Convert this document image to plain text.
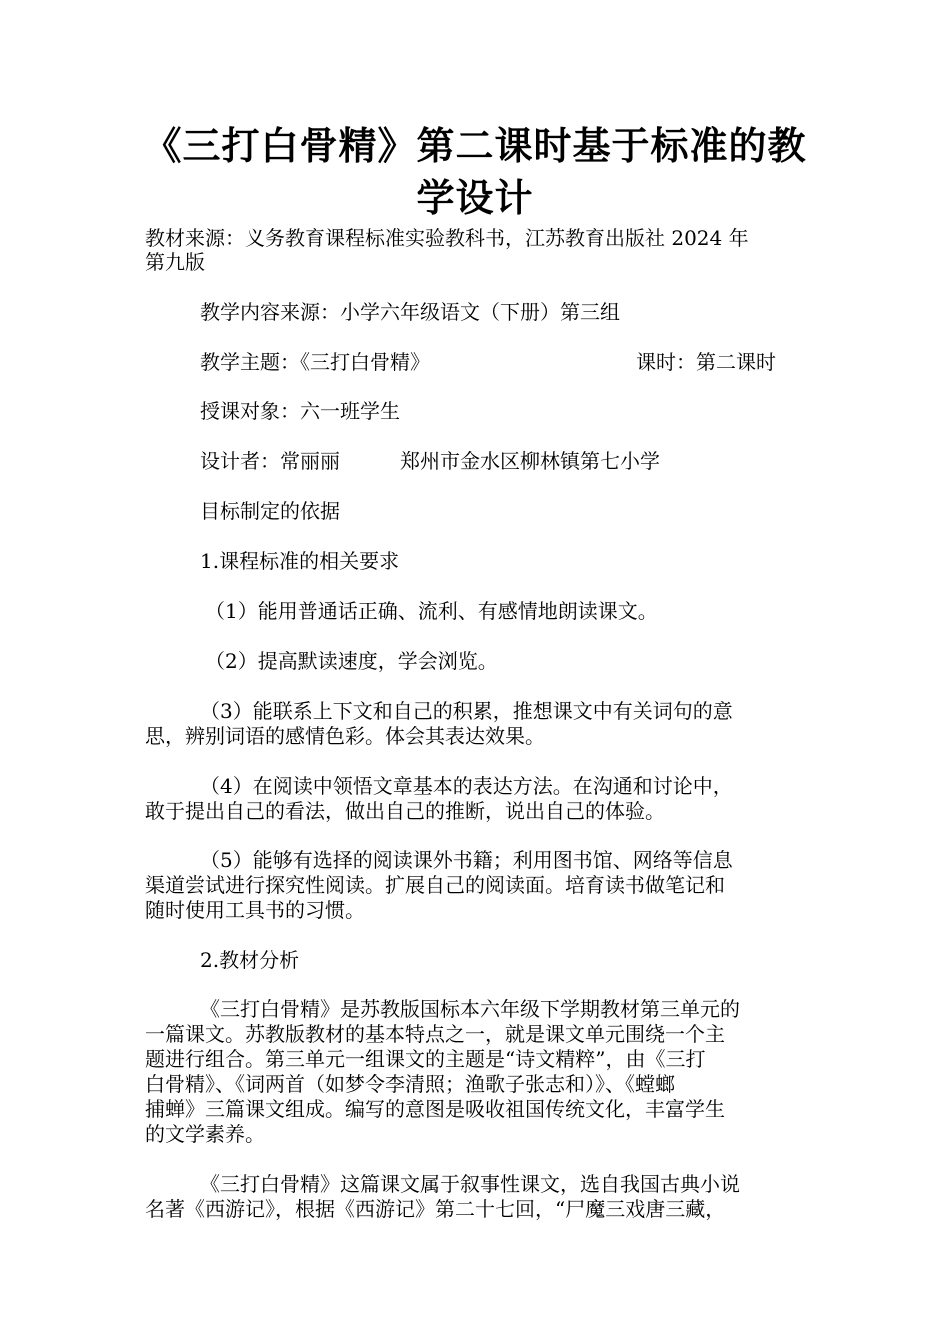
《三打白骨精》第二课时基于标准的教学设计
教材来源：义务教育课程标准实验教科书，江苏教育出版社 2024 年
第九版
教学内容来源：小学六年级语文（下册）第三组
教学主题：《三打白骨精》	课时：第二课时
授课对象：六一班学生
设计者：常丽丽	郑州市金水区柳林镇第七小学
目标制定的依据
1.课程标准的相关要求
（1）能用普通话正确、流利、有感情地朗读课文。
（2）提高默读速度，学会浏览。
（3）能联系上下文和自己的积累，推想课文中有关词句的意
思，辨别词语的感情色彩。体会其表达效果。
（4）在阅读中领悟文章基本的表达方法。在沟通和讨论中，
敢于提出自己的看法，做出自己的推断，说出自己的体验。
（5）能够有选择的阅读课外书籍；利用图书馆、网络等信息
渠道尝试进行探究性阅读。扩展自己的阅读面。培育读书做笔记和
随时使用工具书的习惯。
2.教材分析
《三打白骨精》是苏教版国标本六年级下学期教材第三单元的
一篇课文。苏教版教材的基本特点之一，就是课文单元围绕一个主
题进行组合。第三单元一组课文的主题是“诗文精粹”，由《三打
白骨精》、《词两首（如梦令李清照；渔歌子张志和）》、《螳螂
捕蝉》三篇课文组成。编写的意图是吸收祖国传统文化，丰富学生
的文学素养。
《三打白骨精》这篇课文属于叙事性课文，选自我国古典小说
名著《西游记》，根据《西游记》第二十七回，“尸魔三戏唐三藏，
